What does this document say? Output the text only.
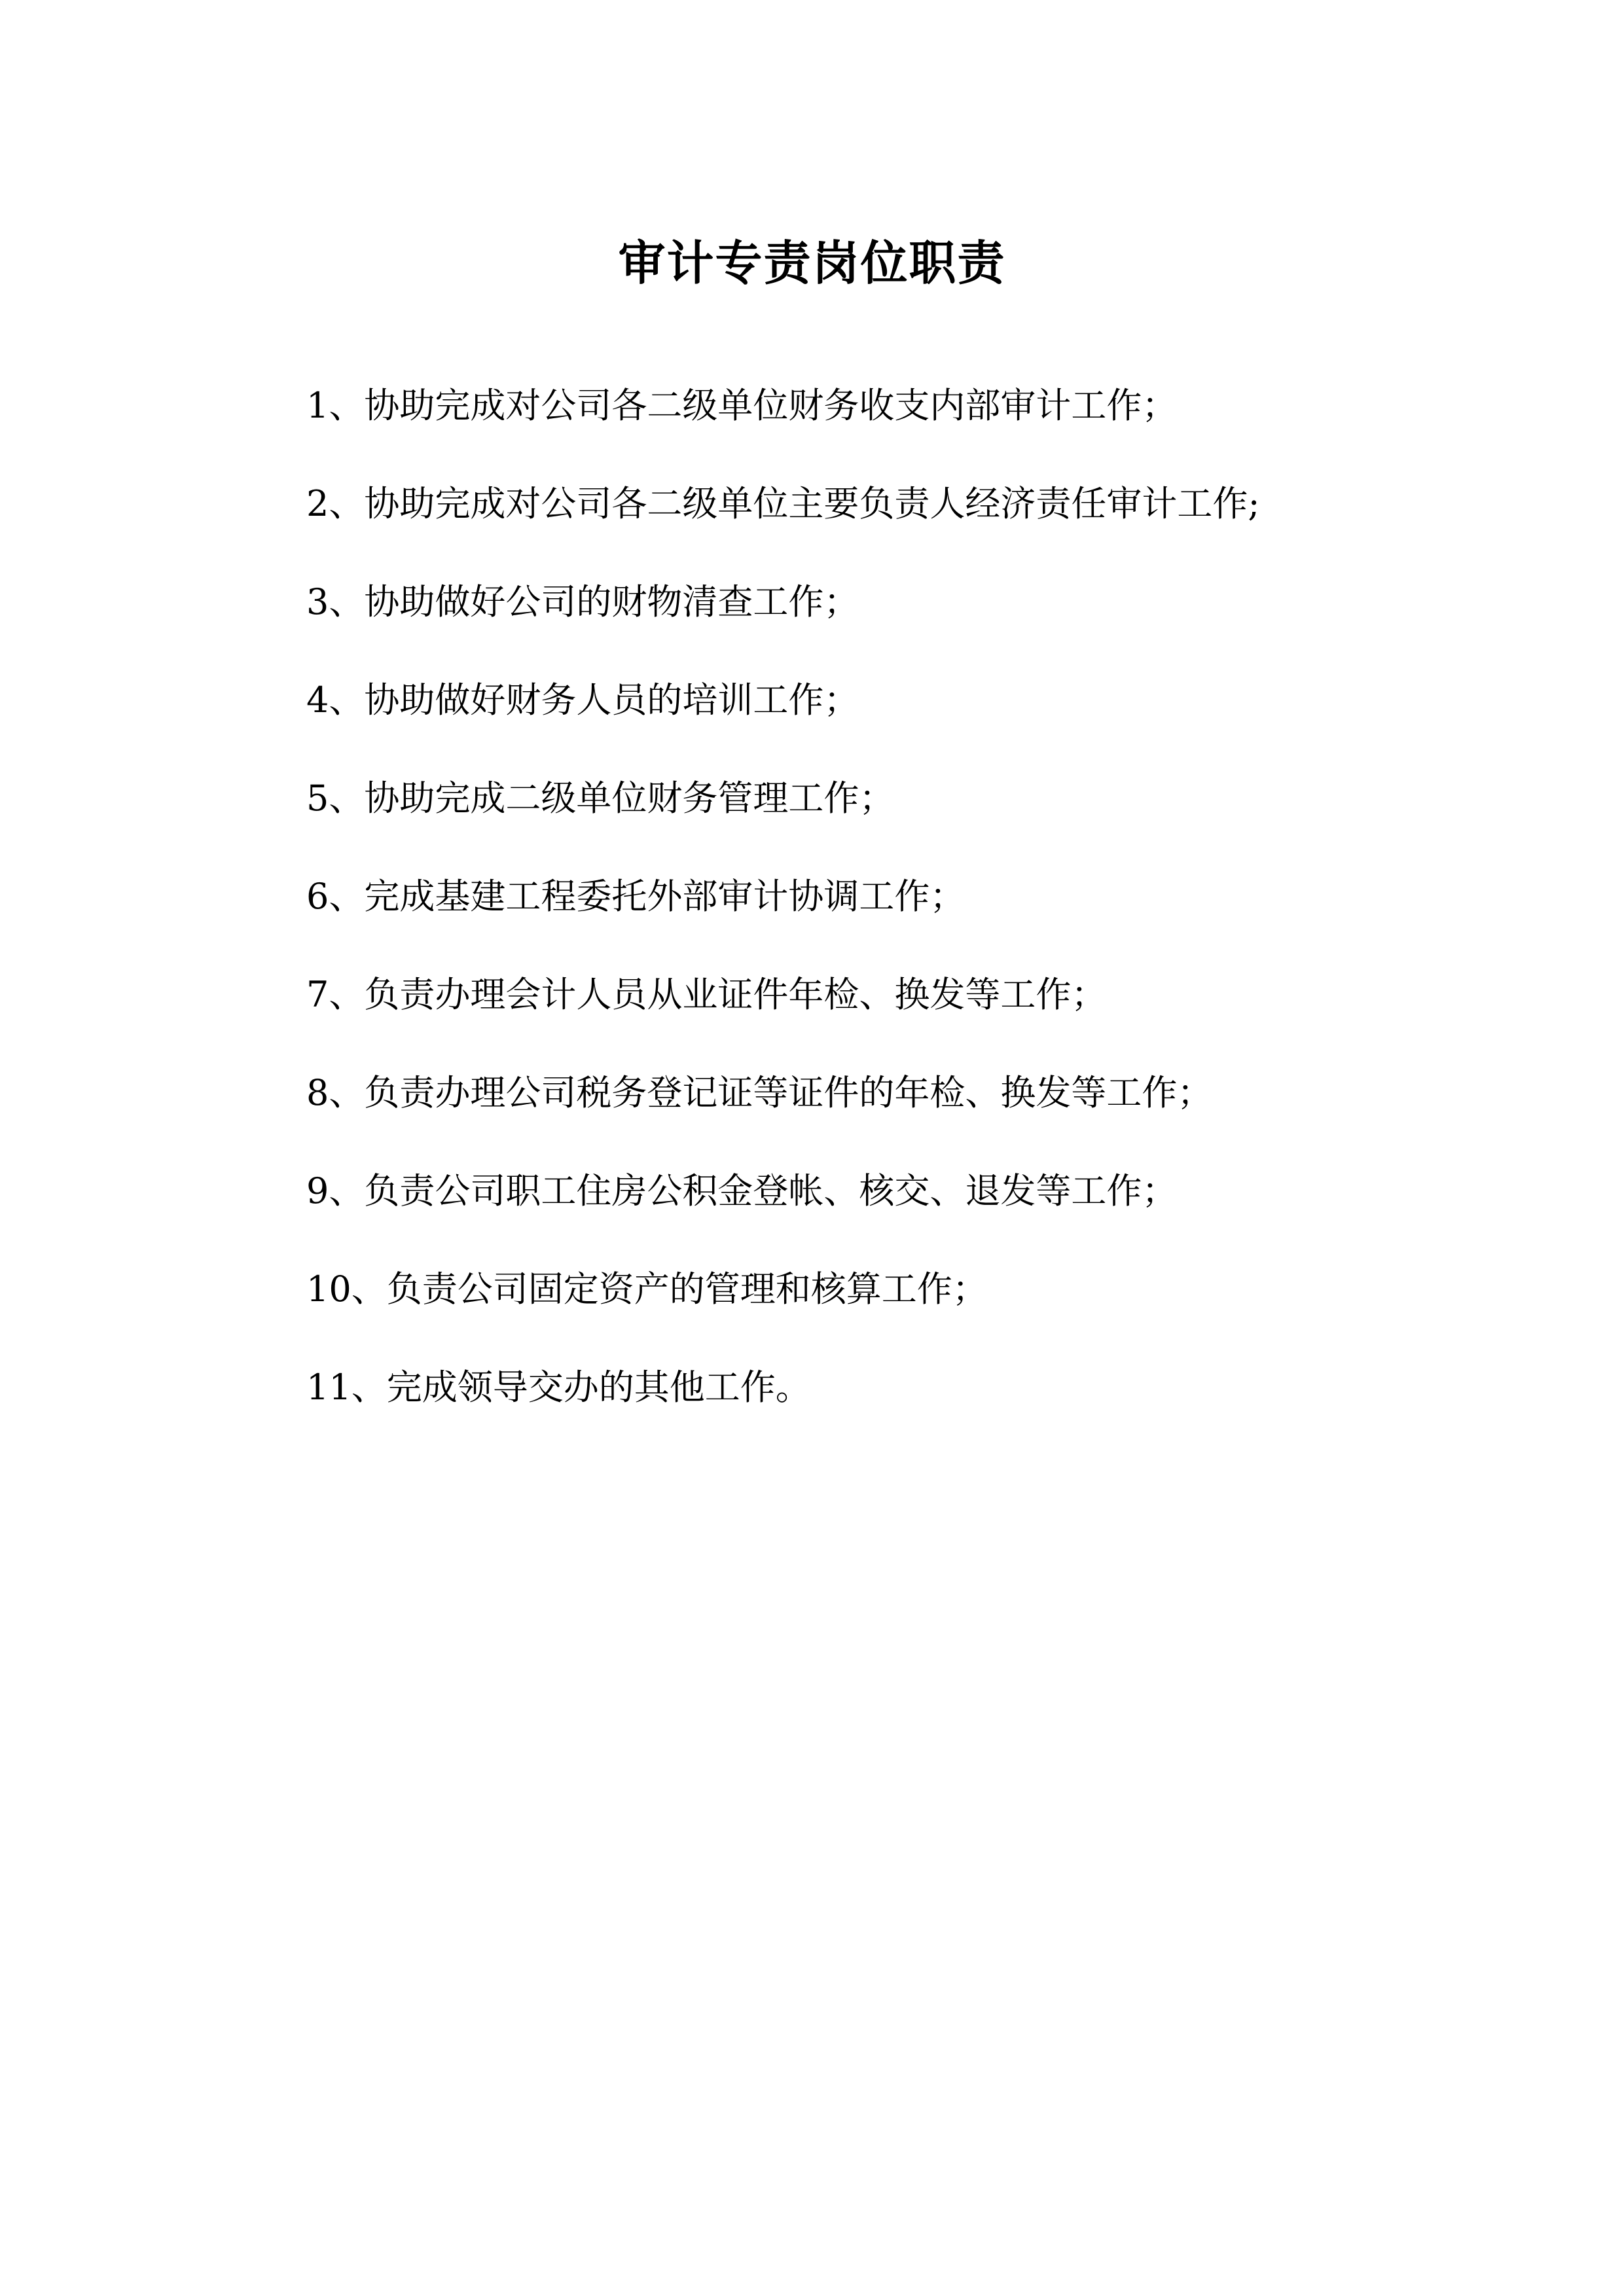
审计专责岗位职责
1、协助完成对公司各二级单位财务收支内部审计工作；
2、协助完成对公司各二级单位主要负责人经济责任审计工作;
3、协助做好公司的财物清查工作；
4、协助做好财务人员的培训工作；
5、协助完成二级单位财务管理工作；
6、完成基建工程委托外部审计协调工作；
7、负责办理会计人员从业证件年检、换发等工作；
8、负责办理公司税务登记证等证件的年检、换发等工作；
9、负责公司职工住房公积金登帐、核交、退发等工作；
10、负责公司固定资产的管理和核算工作；
11、完成领导交办的其他工作。
